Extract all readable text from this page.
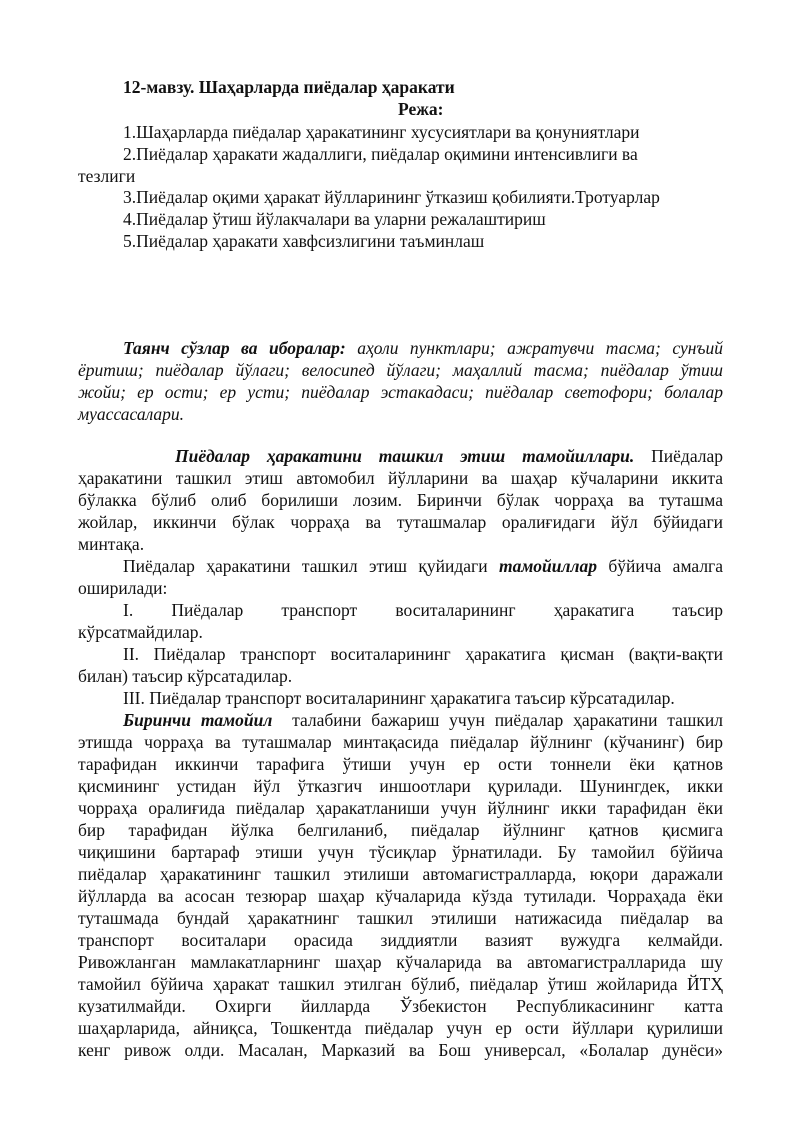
12-мавзу. Шаҳарларда пиёдалар ҳаракати
Режа:
1.Шаҳарларда пиёдалар ҳаракатининг хусусиятлари ва қонуниятлари
2.Пиёдалар ҳаракати жадаллиги, пиёдалар оқимини интенсивлиги ва
тезлиги
3.Пиёдалар оқими ҳаракат йўлларининг ўтказиш қобилияти.Тротуарлар
4.Пиёдалар ўтиш йўлакчалари ва уларни режалаштириш
5.Пиёдалар ҳаракати хавфсизлигини таъминлаш
Таянч сўзлар ва иборалар: аҳоли пунктлари; ажратувчи тасма; сунъий
ёритиш; пиёдалар йўлаги; велосипед йўлаги; маҳаллий тасма; пиёдалар ўтиш
жойи; ер ости; ер усти; пиёдалар эстакадаси; пиёдалар светофори; болалар
муассасалари.
Пиёдалар ҳаракатини ташкил этиш тамойиллари. Пиёдалар
ҳаракатини ташкил этиш автомобил йўлларини ва шаҳар кўчаларини иккита
бўлакка бўлиб олиб борилиши лозим. Биринчи бўлак чорраҳа ва туташма
жойлар, иккинчи бўлак чорраҳа ва туташмалар оралиғидаги йўл бўйидаги
минтақа.
Пиёдалар ҳаракатини ташкил этиш қуйидаги тамойиллар бўйича амалга
оширилади:
I. Пиёдалар транспорт воситаларининг ҳаракатига таъсир
кўрсатмайдилар.
II. Пиёдалар транспорт воситаларининг ҳаракатига қисман (вақти-вақти
билан) таъсир кўрсатадилар.
III. Пиёдалар транспорт воситаларининг ҳаракатига таъсир кўрсатадилар.
Биринчи тамойил талабини бажариш учун пиёдалар ҳаракатини ташкил
этишда чорраҳа ва туташмалар минтақасида пиёдалар йўлнинг (кўчанинг) бир
тарафидан иккинчи тарафига ўтиши учун ер ости тоннели ёки қатнов
қисмининг устидан йўл ўтказгич иншоотлари қурилади. Шунингдек, икки
чорраҳа оралиғида пиёдалар ҳаракатланиши учун йўлнинг икки тарафидан ёки
бир тарафидан йўлка белгиланиб, пиёдалар йўлнинг қатнов қисмига
чиқишини бартараф этиши учун тўсиқлар ўрнатилади. Бу тамойил бўйича
пиёдалар ҳаракатининг ташкил этилиши автомагистралларда, юқори даражали
йўлларда ва асосан тезюрар шаҳар кўчаларида кўзда тутилади. Чорраҳада ёки
туташмада бундай ҳаракатнинг ташкил этилиши натижасида пиёдалар ва
транспорт воситалари орасида зиддиятли вазият вужудга келмайди.
Ривожланган мамлакатларнинг шаҳар кўчаларида ва автомагистралларида шу
тамойил бўйича ҳаракат ташкил этилган бўлиб, пиёдалар ўтиш жойларида ЙТҲ
кузатилмайди. Охирги йилларда Ўзбекистон Республикасининг катта
шаҳарларида, айниқса, Тошкентда пиёдалар учун ер ости йўллари қурилиши
кенг ривож олди. Масалан, Марказий ва Бош универсал, «Болалар дунёси»
